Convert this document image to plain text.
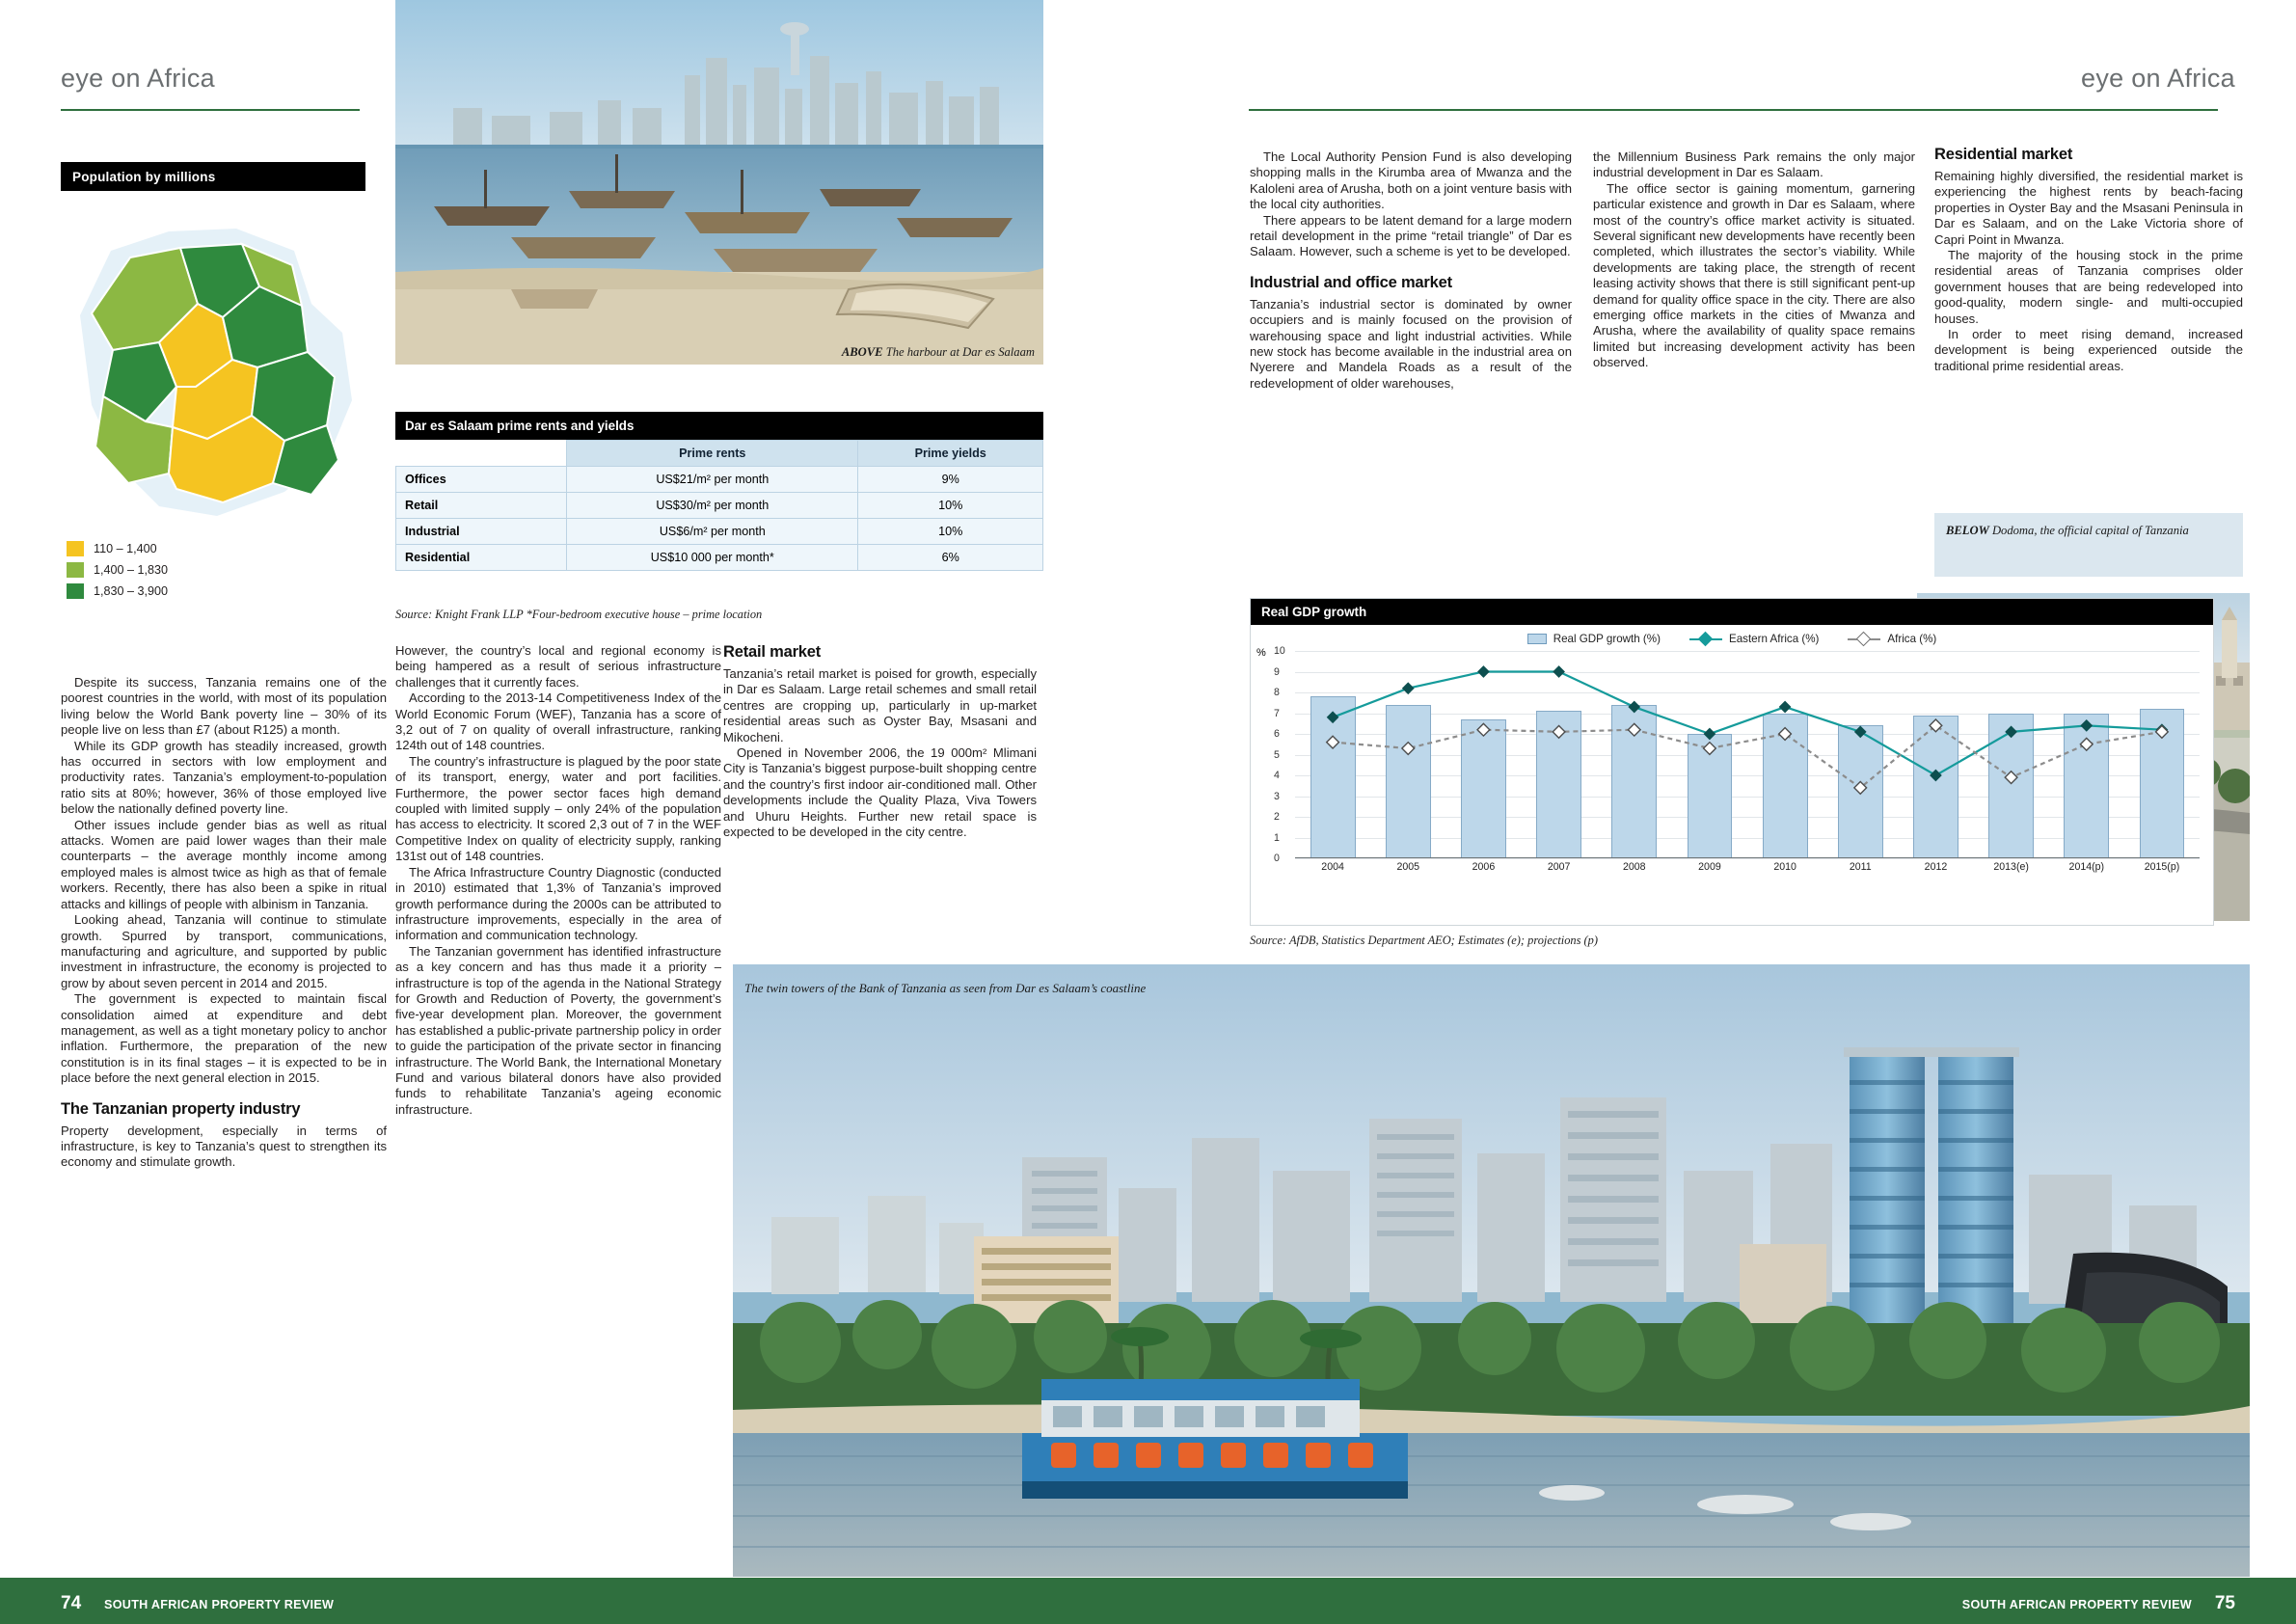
eye on Africa
Population by millions
110 – 1,400
1,400 – 1,830
1,830 – 3,900
ABOVE The harbour at Dar es Salaam
Dar es Salaam prime rents and yields
	Prime rents	Prime yields
Offices	US$21/m² per month	9%
Retail	US$30/m² per month	10%
Industrial	US$6/m² per month	10%
Residential	US$10 000 per month*	6%
Source: Knight Frank LLP *Four-bedroom executive house – prime location

Despite its success, Tanzania remains one of the poorest countries in the world, with most of its population living below the World Bank poverty line – 30% of its people live on less than £7 (about R125) a month.

While its GDP growth has steadily increased, growth has occurred in sectors with low employment and productivity rates. Tanzania’s employment-to-population ratio sits at 80%; however, 36% of those employed live below the nationally defined poverty line.

Other issues include gender bias as well as ritual attacks. Women are paid lower wages than their male counterparts – the average monthly income among employed males is almost twice as high as that of female workers. Recently, there has also been a spike in ritual attacks and killings of people with albinism in Tanzania.

Looking ahead, Tanzania will continue to stimulate growth. Spurred by transport, communications, manufacturing and agriculture, and supported by public investment in infrastructure, the economy is projected to grow by about seven percent in 2014 and 2015.

The government is expected to maintain fiscal consolidation aimed at expenditure and debt management, as well as a tight monetary policy to anchor inflation. Furthermore, the preparation of the new constitution is in its final stages – it is expected to be in place before the next general election in 2015.

The Tanzanian property industry

Property development, especially in terms of infrastructure, is key to Tanzania’s quest to strengthen its economy and stimulate growth.

However, the country’s local and regional economy is being hampered as a result of serious infrastructure challenges that it currently faces.

According to the 2013-14 Competitiveness Index of the World Economic Forum (WEF), Tanzania has a score of 3,2 out of 7 on quality of overall infrastructure, ranking 124th out of 148 countries.

The country’s infrastructure is plagued by the poor state of its transport, energy, water and port facilities. Furthermore, the power sector faces high demand coupled with limited supply – only 24% of the population has access to electricity. It scored 2,3 out of 7 in the WEF Competitive Index on quality of electricity supply, ranking 131st out of 148 countries.

The Africa Infrastructure Country Diagnostic (conducted in 2010) estimated that 1,3% of Tanzania’s improved growth performance during the 2000s can be attributed to infrastructure improvements, especially in the area of information and communication technology.

The Tanzanian government has identified infrastructure as a key concern and has thus made it a priority – infrastructure is top of the agenda in the National Strategy for Growth and Reduction of Poverty, the government’s five-year development plan. Moreover, the government has established a public-private partnership policy in order to guide the participation of the private sector in financing infrastructure. The World Bank, the International Monetary Fund and various bilateral donors have also provided funds to rehabilitate Tanzania’s ageing economic infrastructure.

Retail market

Tanzania’s retail market is poised for growth, especially in Dar es Salaam. Large retail schemes and small retail centres are cropping up, particularly in up-market residential areas such as Oyster Bay, Msasani and Mikocheni.

Opened in November 2006, the 19 000m² Mlimani City is Tanzania’s biggest purpose-built shopping centre and the country’s first indoor air-conditioned mall. Other developments include the Quality Plaza, Viva Towers and Uhuru Heights. Further new retail space is expected to be developed in the city centre.

eye on Africa

The Local Authority Pension Fund is also developing shopping malls in the Kirumba area of Mwanza and the Kaloleni area of Arusha, both on a joint venture basis with the local city authorities.

There appears to be latent demand for a large modern retail development in the prime “retail triangle” of Dar es Salaam. However, such a scheme is yet to be developed.

Industrial and office market

Tanzania’s industrial sector is dominated by owner occupiers and is mainly focused on the provision of warehousing space and light industrial activities. While new stock has become available in the industrial area on Nyerere and Mandela Roads as a result of the redevelopment of older warehouses,

the Millennium Business Park remains the only major industrial development in Dar es Salaam.

The office sector is gaining momentum, garnering particular existence and growth in Dar es Salaam, where most of the country’s office market activity is situated. Several significant new developments have recently been completed, which illustrates the sector’s viability. While developments are taking place, the strength of recent leasing activity shows that there is still significant pent-up demand for quality office space in the city. There are also emerging office markets in the cities of Mwanza and Arusha, where the availability of quality space remains limited but increasing development activity has been observed.

Residential market

Remaining highly diversified, the residential market is experiencing the highest rents by beach-facing properties in Oyster Bay and the Msasani Peninsula in Dar es Salaam, and on the Lake Victoria shore of Capri Point in Mwanza.

The majority of the housing stock in the prime residential areas of Tanzania comprises older government houses that are being redeveloped into good-quality, modern single- and multi-occupied houses.

In order to meet rising demand, increased development is being experienced outside the traditional prime residential areas.

BELOW Dodoma, the official capital of Tanzania
Real GDP growth
Real GDP growth (%)	Eastern Africa (%)	Africa (%)
% 10
9
8
7
6
5
4
3
2
1
0
2004	2005	2006	2007	2008	2009	2010	2011	2012	2013(e)	2014(p)	2015(p)
Source: AfDB, Statistics Department AEO; Estimates (e); projections (p)
The twin towers of the Bank of Tanzania as seen from Dar es Salaam’s coastline
74 SOUTH AFRICAN PROPERTY REVIEW	SOUTH AFRICAN PROPERTY REVIEW 75
